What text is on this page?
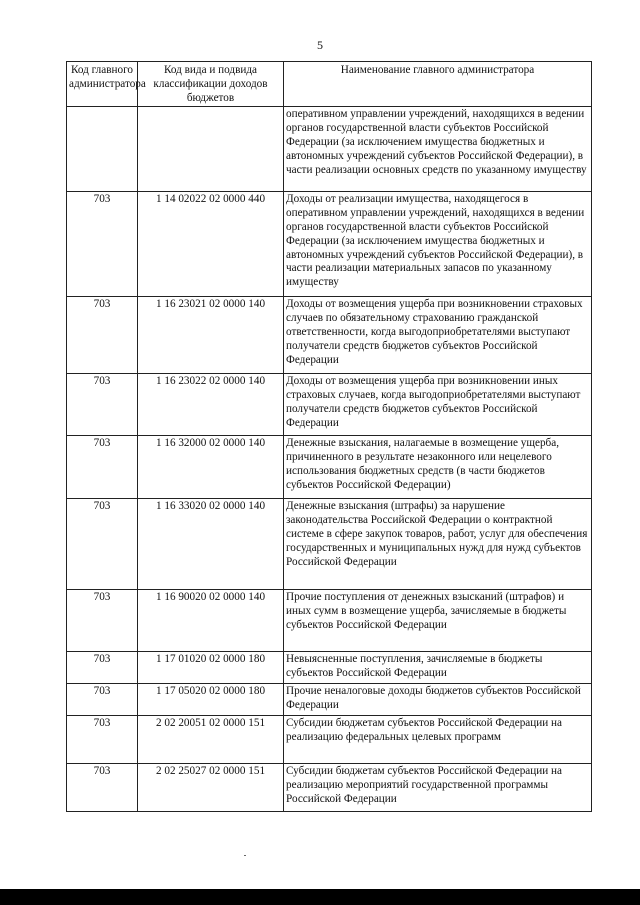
5
Код главного администратора	Код вида и подвида классификации доходов бюджетов	Наименование главного администратора
		оперативном управлении учреждений, находящихся в ведении органов государственной власти субъектов Российской Федерации (за исключением имущества бюджетных и автономных учреждений субъектов Российской Федерации), в части реализации основных средств по указанному имуществу
703	1 14 02022 02 0000 440	Доходы от реализации имущества, находящегося в оперативном управлении учреждений, находящихся в ведении органов государственной власти субъектов Российской Федерации (за исключением имущества бюджетных и автономных учреждений субъектов Российской Федерации), в части реализации материальных запасов по указанному имуществу
703	1 16 23021 02 0000 140	Доходы от возмещения ущерба при возникновении страховых случаев по обязательному страхованию гражданской ответственности, когда выгодоприобретателями выступают получатели средств бюджетов субъектов Российской Федерации
703	1 16 23022 02 0000 140	Доходы от возмещения ущерба при возникновении иных страховых случаев, когда выгодоприобретателями выступают получатели средств бюджетов субъектов Российской Федерации
703	1 16 32000 02 0000 140	Денежные взыскания, налагаемые в возмещение ущерба, причиненного в результате незаконного или нецелевого использования бюджетных средств (в части бюджетов субъектов Российской Федерации)
703	1 16 33020 02 0000 140	Денежные взыскания (штрафы) за нарушение законодательства Российской Федерации о контрактной системе в сфере закупок товаров, работ, услуг для обеспечения государственных и муниципальных нужд для нужд субъектов Российской Федерации
703	1 16 90020 02 0000 140	Прочие поступления от денежных взысканий (штрафов) и иных сумм в возмещение ущерба, зачисляемые в бюджеты субъектов Российской Федерации
703	1 17 01020 02 0000 180	Невыясненные поступления, зачисляемые в бюджеты субъектов Российской Федерации
703	1 17 05020 02 0000 180	Прочие неналоговые доходы бюджетов субъектов Российской Федерации
703	2 02 20051 02 0000 151	Субсидии бюджетам субъектов Российской Федерации на реализацию федеральных целевых программ
703	2 02 25027 02 0000 151	Субсидии бюджетам субъектов Российской Федерации на реализацию мероприятий государственной программы Российской Федерации
